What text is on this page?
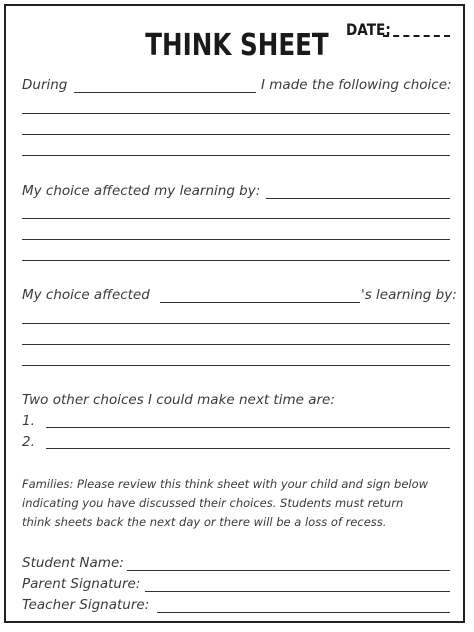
THINK SHEET	DATE:
During	I made the following choice:
My choice affected my learning by:
My choice affected	's learning by:
Two other choices I could make next time are:
1.
2.
Families: Please review this think sheet with your child and sign below
indicating you have discussed their choices. Students must return
think sheets back the next day or there will be a loss of recess.
Student Name:
Parent Signature:
Teacher Signature:
